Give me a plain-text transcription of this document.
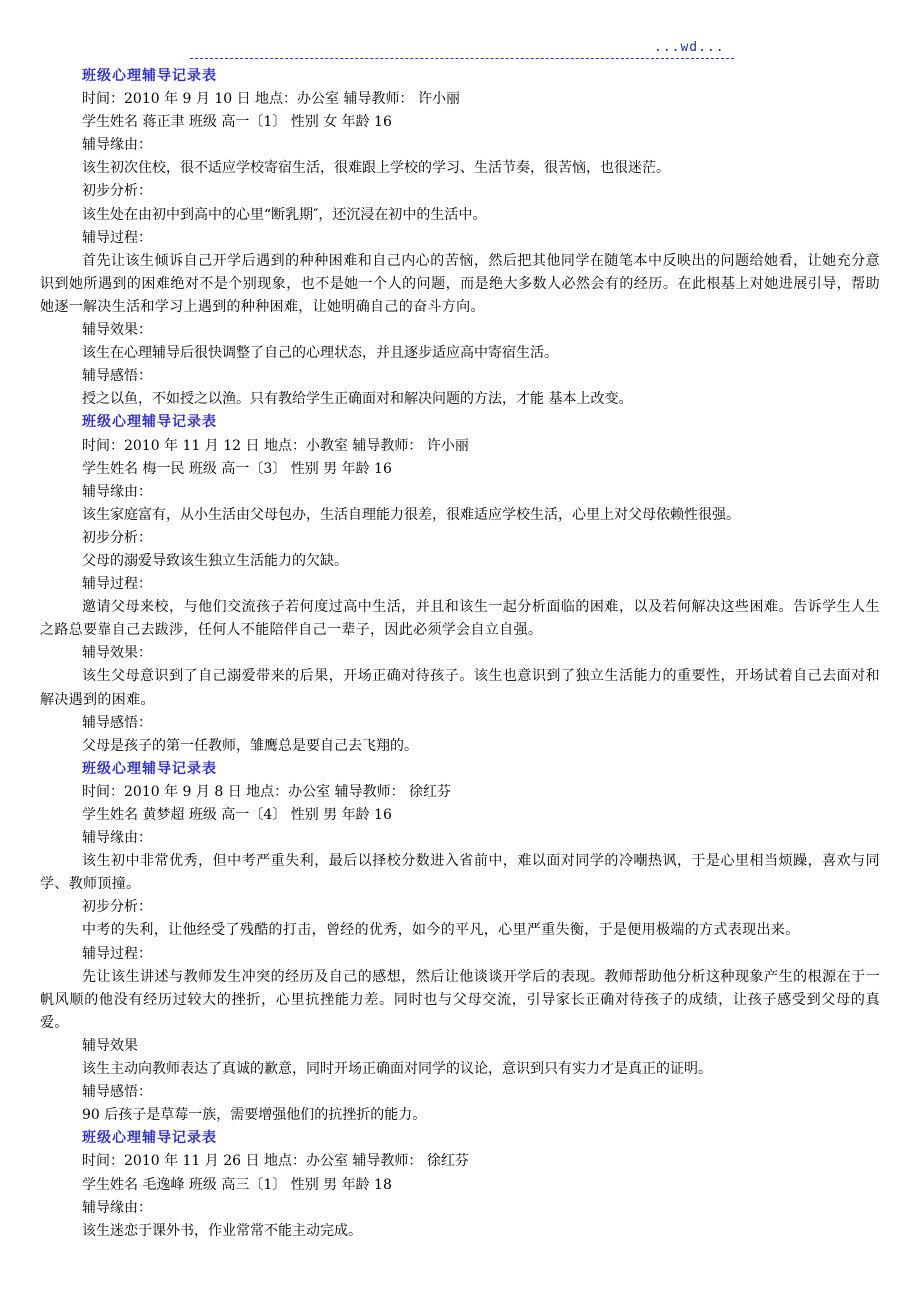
...wd...
班级心理辅导记录表
时间：2010 年 9 月 10 日 地点：办公室 辅导教师： 许小丽
学生姓名 蒋正聿 班级 高一〔1〕 性别 女 年龄 16
辅导缘由：
该生初次住校，很不适应学校寄宿生活，很难跟上学校的学习、生活节奏，很苦恼，也很迷茫。
初步分析：
该生处在由初中到高中的心里“断乳期″，还沉浸在初中的生活中。
辅导过程：

首先让该生倾诉自己开学后遇到的种种困难和自己内心的苦恼，然后把其他同学在随笔本中反映出的问题给她看，让她充分意识到她所遇到的困难绝对不是个别现象，也不是她一个人的问题，而是绝大多数人必然会有的经历。在此根基上对她进展引导，帮助她逐一解决生活和学习上遇到的种种困难，让她明确自己的奋斗方向。

辅导效果：
该生在心理辅导后很快调整了自己的心理状态，并且逐步适应高中寄宿生活。
辅导感悟：
授之以鱼，不如授之以渔。只有教给学生正确面对和解决问题的方法，才能 基本上改变。
班级心理辅导记录表
时间：2010 年 11 月 12 日 地点：小教室 辅导教师： 许小丽
学生姓名 梅一民 班级 高一〔3〕 性别 男 年龄 16
辅导缘由：
该生家庭富有，从小生活由父母包办，生活自理能力很差，很难适应学校生活，心里上对父母依赖性很强。
初步分析：
父母的溺爱导致该生独立生活能力的欠缺。
辅导过程：

邀请父母来校，与他们交流孩子若何度过高中生活，并且和该生一起分析面临的困难，以及若何解决这些困难。告诉学生人生之路总要靠自己去跋涉，任何人不能陪伴自己一辈子，因此必须学会自立自强。

辅导效果：

该生父母意识到了自己溺爱带来的后果，开场正确对待孩子。该生也意识到了独立生活能力的重要性，开场试着自己去面对和解决遇到的困难。

辅导感悟：
父母是孩子的第一任教师，雏鹰总是要自己去飞翔的。
班级心理辅导记录表
时间：2010 年 9 月 8 日 地点：办公室 辅导教师： 徐红芬
学生姓名 黄梦超 班级 高一〔4〕 性别 男 年龄 16
辅导缘由：

该生初中非常优秀，但中考严重失利，最后以择校分数进入省前中，难以面对同学的冷嘲热讽，于是心里相当烦躁，喜欢与同学、教师顶撞。

初步分析：

中考的失利，让他经受了残酷的打击，曾经的优秀，如今的平凡，心里严重失衡，于是便用极端的方式表现出来。

辅导过程：

先让该生讲述与教师发生冲突的经历及自己的感想，然后让他谈谈开学后的表现。教师帮助他分析这种现象产生的根源在于一帆风顺的他没有经历过较大的挫折，心里抗挫能力差。同时也与父母交流，引导家长正确对待孩子的成绩，让孩子感受到父母的真爱。

辅导效果
该生主动向教师表达了真诚的歉意，同时开场正确面对同学的议论，意识到只有实力才是真正的证明。
辅导感悟：
90 后孩子是草莓一族，需要增强他们的抗挫折的能力。
班级心理辅导记录表
时间：2010 年 11 月 26 日 地点：办公室 辅导教师： 徐红芬
学生姓名 毛逸峰 班级 高三〔1〕 性别 男 年龄 18
辅导缘由：
该生迷恋于课外书，作业常常不能主动完成。
